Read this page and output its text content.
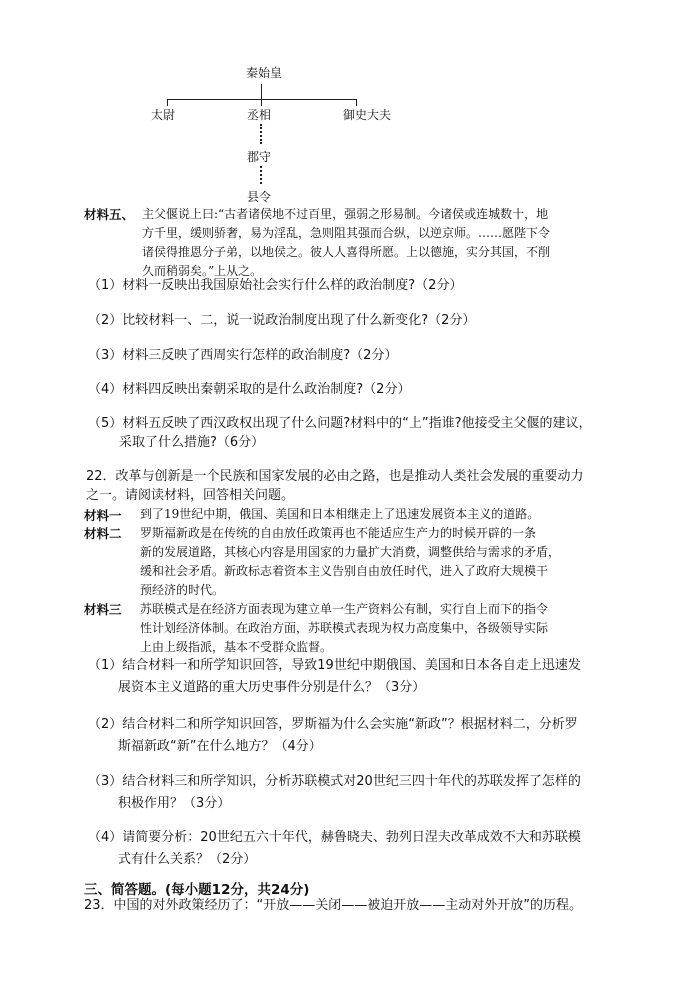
秦始皇
太尉	丞相	御史大夫
郡守
县令
材料五、 主父偃说上曰:“古者诸侯地不过百里，强弱之形易制。今诸侯或连城数十，地
方千里，缓则骄奢，易为淫乱，急则阻其强而合纵，以逆京师。……愿陛下令
诸侯得推恩分子弟，以地侯之。彼人人喜得所愿。上以德施，实分其国，不削
久而稍弱矣。”上从之。
（1）材料一反映出我国原始社会实行什么样的政治制度?（2分）
（2）比较材料一、二，说一说政治制度出现了什么新变化?（2分）
（3）材料三反映了西周实行怎样的政治制度?（2分）
（4）材料四反映出秦朝采取的是什么政治制度?（2分）
（5）材料五反映了西汉政权出现了什么问题?材料中的“上”指谁?他接受主父偃的建议，
采取了什么措施?（6分）
22．改革与创新是一个民族和国家发展的必由之路，也是推动人类社会发展的重要动力
之一。请阅读材料，回答相关问题。
材料一 到了19世纪中期，俄国、美国和日本相继走上了迅速发展资本主义的道路。
材料二 罗斯福新政是在传统的自由放任政策再也不能适应生产力的时候开辟的一条
新的发展道路，其核心内容是用国家的力量扩大消费，调整供给与需求的矛盾，
缓和社会矛盾。新政标志着资本主义告别自由放任时代，进入了政府大规模干
预经济的时代。
材料三 苏联模式是在经济方面表现为建立单一生产资料公有制，实行自上而下的指令
性计划经济体制。在政治方面，苏联模式表现为权力高度集中，各级领导实际
上由上级指派，基本不受群众监督。
（1）结合材料一和所学知识回答，导致19世纪中期俄国、美国和日本各自走上迅速发
展资本主义道路的重大历史事件分别是什么？（3分）
（2）结合材料二和所学知识回答，罗斯福为什么会实施“新政”？根据材料二，分析罗
斯福新政“新”在什么地方？（4分）
（3）结合材料三和所学知识，分析苏联模式对20世纪三四十年代的苏联发挥了怎样的
积极作用？（3分）
（4）请简要分析：20世纪五六十年代，赫鲁晓夫、勃列日涅夫改革成效不大和苏联模
式有什么关系？（2分）
三、简答题。(每小题12分，共24分)
23．中国的对外政策经历了：“开放——关闭——被迫开放——主动对外开放”的历程。
